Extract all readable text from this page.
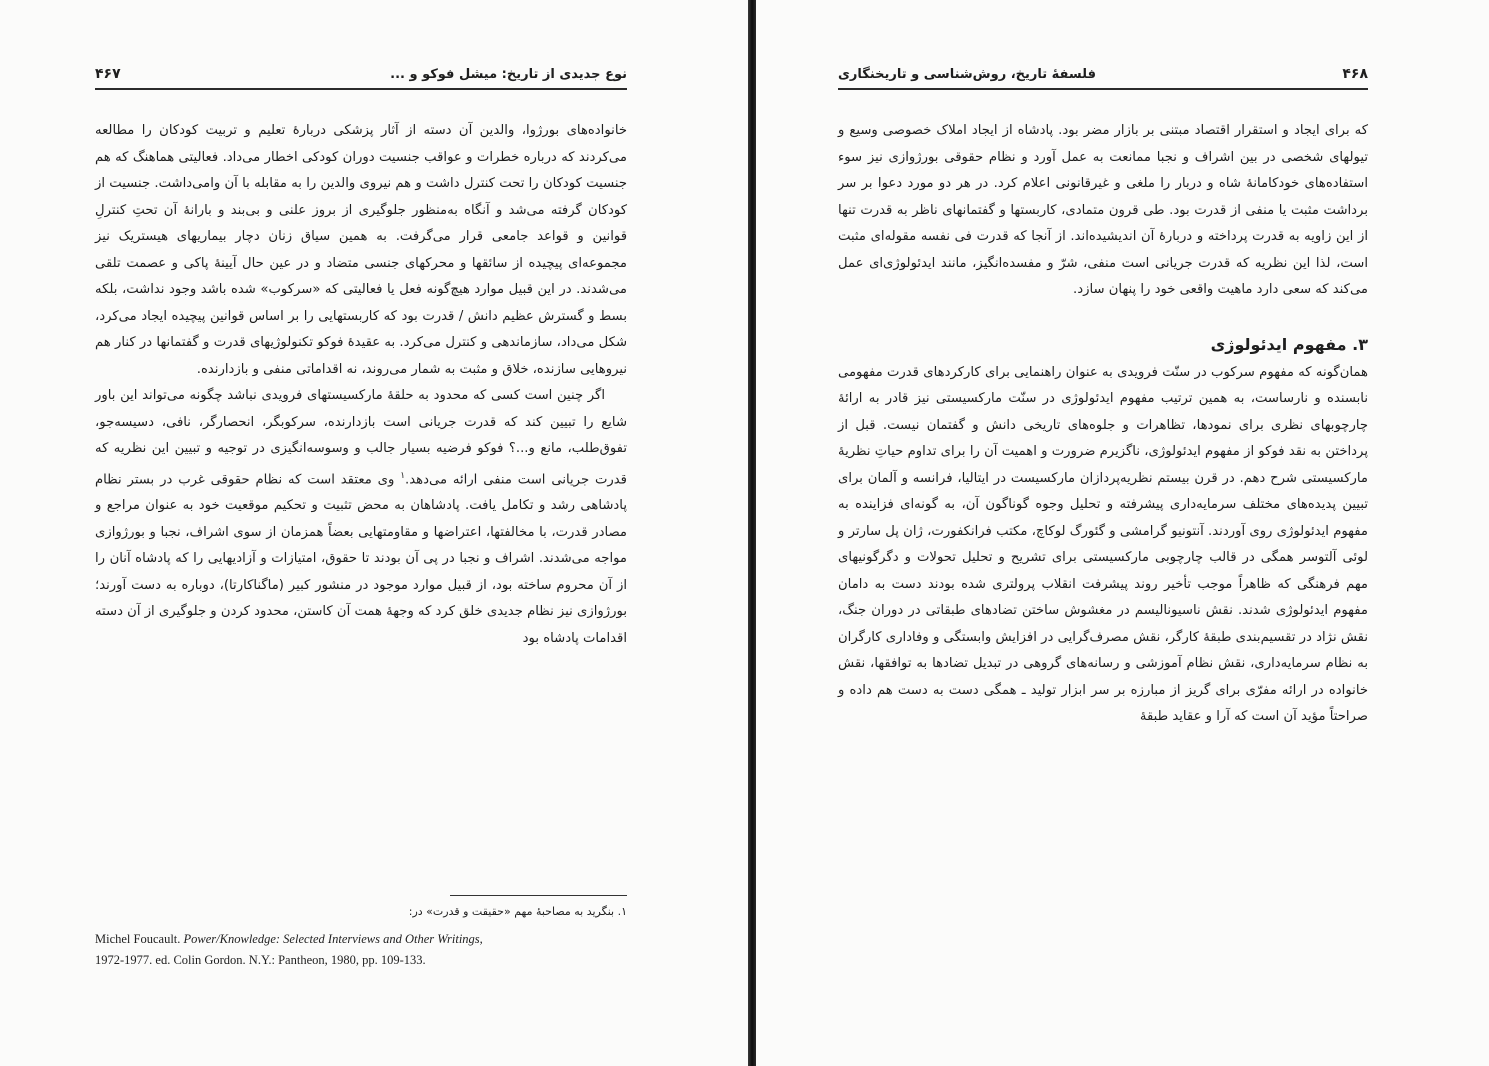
۴۶۷	نوع جدیدی از تاریخ: میشل فوکو و ...

خانواده‌های بورژوا، والدین آن دسته از آثار پزشکی دربارهٔ تعلیم و تربیت کودکان را مطالعه می‌کردند که درباره خطرات و عواقب جنسیت دوران کودکی اخطار می‌داد. فعالیتی هماهنگ که هم جنسیت کودکان را تحت کنترل داشت و هم نیروی والدین را به مقابله با آن وامی‌داشت. جنسیت از کودکان گرفته می‌شد و آنگاه به‌منظور جلوگیری از بروز علنی و بی‌بند و بارانهٔ آن تحتِ کنترلِ قوانین و قواعد جامعی قرار می‌گرفت. به همین سیاق زنان دچار بیماریهای هیستریک نیز مجموعه‌ای پیچیده از سائقها و محرکهای جنسی متضاد و در عین حال آیینهٔ پاکی و عصمت تلقی می‌شدند. در این قبیل موارد هیچ‌گونه فعل یا فعالیتی که «سرکوب» شده باشد وجود نداشت، بلکه بسط و گسترش عظیم دانش / قدرت بود که کاربستهایی را بر اساس قوانین پیچیده ایجاد می‌کرد، شکل می‌داد، سازماندهی و کنترل می‌کرد. به عقیدهٔ فوکو تکنولوژیهای قدرت و گفتمانها در کنار هم نیروهایی سازنده، خلاق و مثبت به شمار می‌روند، نه اقداماتی منفی و بازدارنده.

اگر چنین است کسی که محدود به حلقهٔ مارکسیستهای فرویدی نباشد چگونه می‌تواند این باور شایع را تبیین کند که قدرت جریانی است بازدارنده، سرکوبگر، انحصارگر، نافی، دسیسه‌جو، تفوق‌طلب، مانع و...؟ فوکو فرضیه بسیار جالب و وسوسه‌انگیزی در توجیه و تبیین این نظریه که قدرت جریانی است منفی ارائه می‌دهد.$^۱$ وی معتقد است که نظام حقوقی غرب در بستر نظام پادشاهی رشد و تکامل یافت. پادشاهان به محض تثبیت و تحکیم موقعیت خود به عنوان مراجع و مصادر قدرت، با مخالفتها، اعتراضها و مقاومتهایی بعضاً همزمان از سوی اشراف، نجبا و بورژوازی مواجه می‌شدند. اشراف و نجبا در پی آن بودند تا حقوق، امتیازات و آزادیهایی را که پادشاه آنان را از آن محروم ساخته بود، از قبیل موارد موجود در منشور کبیر (ماگناکارتا)، دوباره به دست آورند؛ بورژوازی نیز نظام جدیدی خلق کرد که وجههٔ همت آن کاستن، محدود کردن و جلوگیری از آن دسته اقدامات پادشاه بود

۱. بنگرید به مصاحبهٔ مهم «حقیقت و قدرت» در:
Michel Foucault. Power/Knowledge: Selected Interviews and Other Writings,
1972-1977. ed. Colin Gordon. N.Y.: Pantheon, 1980, pp. 109-133.
فلسفهٔ تاریخ، روش‌شناسی و تاریخنگاری	۴۶۸

که برای ایجاد و استقرار اقتصاد مبتنی بر بازار مضر بود. پادشاه از ایجاد املاک خصوصی وسیع و تیولهای شخصی در بین اشراف و نجبا ممانعت به عمل آورد و نظام حقوقی بورژوازی نیز سوء استفاده‌های خودکامانهٔ شاه و دربار را ملغی و غیرقانونی اعلام کرد. در هر دو مورد دعوا بر سر برداشت مثبت یا منفی از قدرت بود. طی قرون متمادی، کاربستها و گفتمانهای ناظر به قدرت تنها از این زاویه به قدرت پرداخته و دربارهٔ آن اندیشیده‌اند. از آنجا که قدرت فی نفسه مقوله‌ای مثبت است، لذا این نظریه که قدرت جریانی است منفی، شرّ و مفسده‌انگیز، مانند ایدئولوژی‌ای عمل می‌کند که سعی دارد ماهیت واقعی خود را پنهان سازد.

۳. مفهوم ایدئولوژی

همان‌گونه که مفهوم سرکوب در سنّت فرویدی به عنوان راهنمایی برای کارکردهای قدرت مفهومی نابسنده و نارساست، به همین ترتیب مفهوم ایدئولوژی در سنّت مارکسیستی نیز قادر به ارائهٔ چارچوبهای نظری برای نمودها، تظاهرات و جلوه‌های تاریخی دانش و گفتمان نیست. قبل از پرداختن به نقد فوکو از مفهوم ایدئولوژی، ناگزیرم ضرورت و اهمیت آن را برای تداوم حیاتِ نظریهٔ مارکسیستی شرح دهم. در قرن بیستم نظریه‌پردازان مارکسیست در ایتالیا، فرانسه و آلمان برای تبیین پدیده‌های مختلف سرمایه‌داری پیشرفته و تحلیل وجوه گوناگون آن، به گونه‌ای فزاینده به مفهوم ایدئولوژی روی آوردند. آنتونیو گرامشی و گئورگ لوکاچ، مکتب فرانکفورت، ژان پل سارتر و لوئی آلتوسر همگی در قالب چارچوبی مارکسیستی برای تشریح و تحلیل تحولات و دگرگونیهای مهم فرهنگی که ظاهراً موجب تأخیر روند پیشرفت انقلاب پرولتری شده بودند دست به دامان مفهوم ایدئولوژی شدند. نقش ناسیونالیسم در مغشوش ساختن تضادهای طبقاتی در دوران جنگ، نقش نژاد در تقسیم‌بندی طبقهٔ کارگر، نقش مصرف‌گرایی در افزایش وابستگی و وفاداری کارگران به نظام سرمایه‌داری، نقش نظام آموزشی و رسانه‌های گروهی در تبدیل تضادها به توافقها، نقش خانواده در ارائه مفرّی برای گریز از مبارزه بر سر ابزار تولید ـ همگی دست به دست هم داده و صراحتاً مؤید آن است که آرا و عقاید طبقهٔ
